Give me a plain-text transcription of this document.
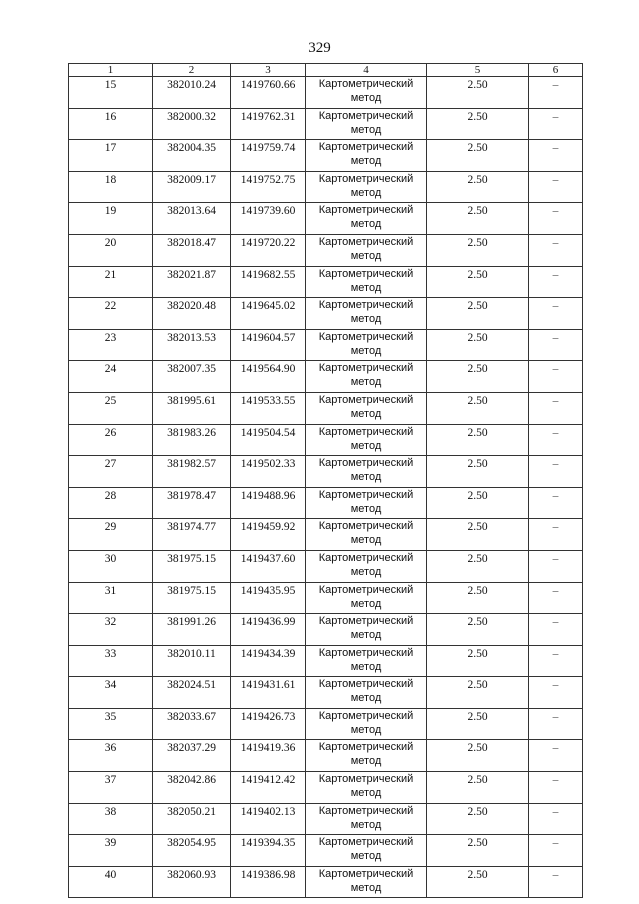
329
1	2	3	4	5	6
15	382010.24	1419760.66	Картометрический метод	2.50	–
16	382000.32	1419762.31	Картометрический метод	2.50	–
17	382004.35	1419759.74	Картометрический метод	2.50	–
18	382009.17	1419752.75	Картометрический метод	2.50	–
19	382013.64	1419739.60	Картометрический метод	2.50	–
20	382018.47	1419720.22	Картометрический метод	2.50	–
21	382021.87	1419682.55	Картометрический метод	2.50	–
22	382020.48	1419645.02	Картометрический метод	2.50	–
23	382013.53	1419604.57	Картометрический метод	2.50	–
24	382007.35	1419564.90	Картометрический метод	2.50	–
25	381995.61	1419533.55	Картометрический метод	2.50	–
26	381983.26	1419504.54	Картометрический метод	2.50	–
27	381982.57	1419502.33	Картометрический метод	2.50	–
28	381978.47	1419488.96	Картометрический метод	2.50	–
29	381974.77	1419459.92	Картометрический метод	2.50	–
30	381975.15	1419437.60	Картометрический метод	2.50	–
31	381975.15	1419435.95	Картометрический метод	2.50	–
32	381991.26	1419436.99	Картометрический метод	2.50	–
33	382010.11	1419434.39	Картометрический метод	2.50	–
34	382024.51	1419431.61	Картометрический метод	2.50	–
35	382033.67	1419426.73	Картометрический метод	2.50	–
36	382037.29	1419419.36	Картометрический метод	2.50	–
37	382042.86	1419412.42	Картометрический метод	2.50	–
38	382050.21	1419402.13	Картометрический метод	2.50	–
39	382054.95	1419394.35	Картометрический метод	2.50	–
40	382060.93	1419386.98	Картометрический метод	2.50	–
